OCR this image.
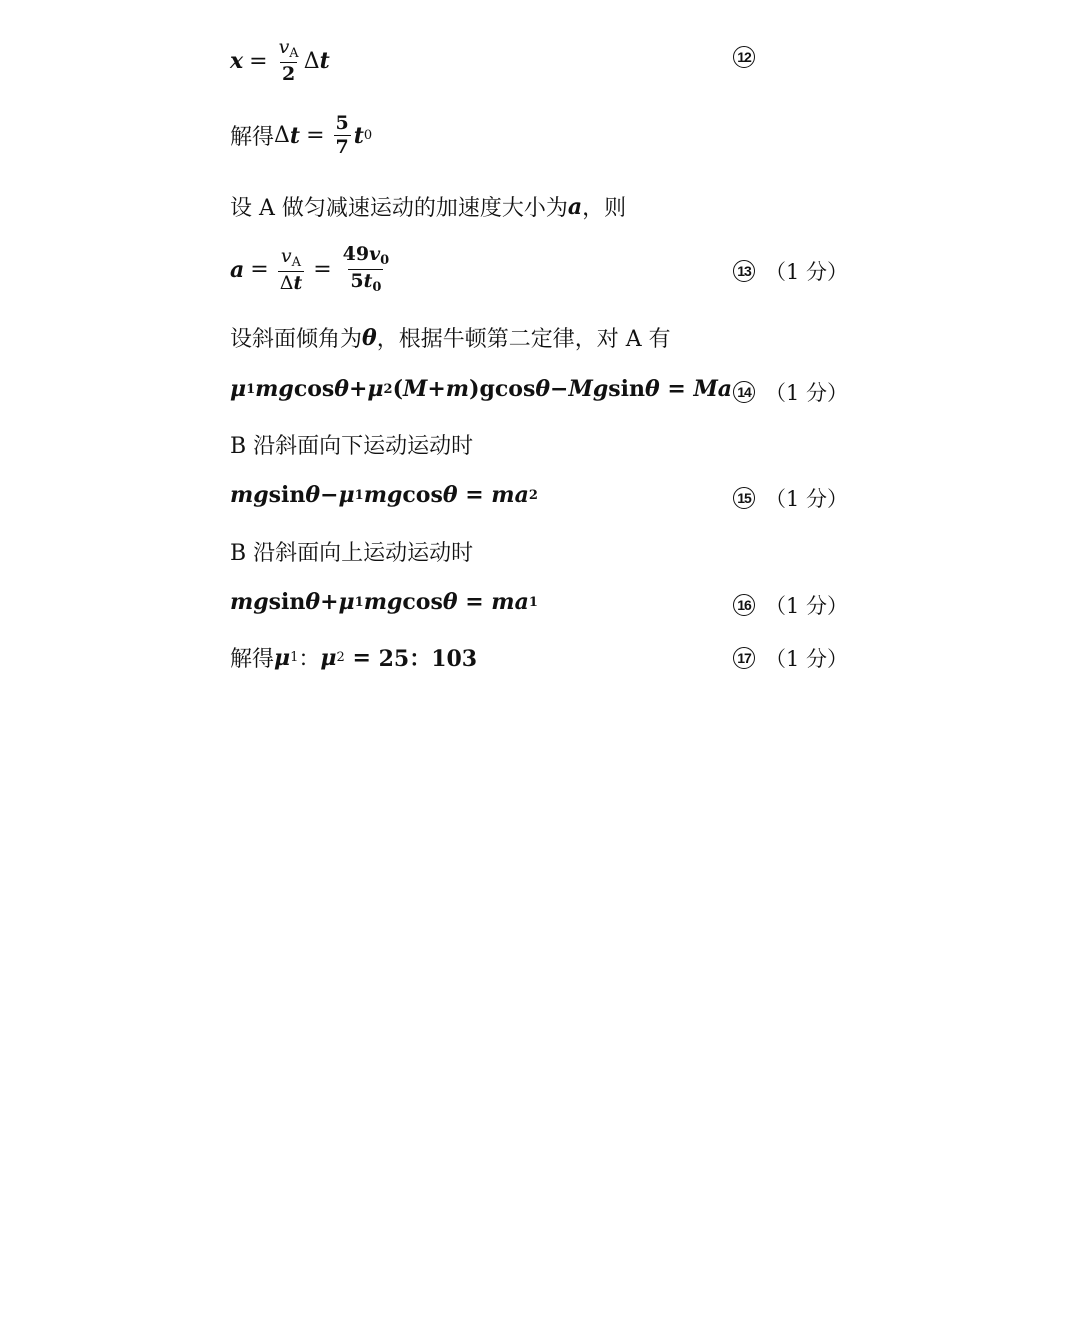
$x = \frac{v_A}{2}$ Δ t	12
解得 Δ $t = \frac{5}{7}$ t 0
设 A 做匀减速运动的加速度大小为 a ，则
$a = \frac{v_A}{\Delta t} = \frac{49v_0}{5t_0}$	13 （1 分）
设斜面倾角为 θ ，根据牛顿第二定律，对 A 有
μ 1 mg cos θ + μ 2 ( M + m ) g cos θ − Mg sin θ = Ma 14 （1 分）
B 沿斜面向下运动运动时
mg sin θ − μ 1 mg cos θ = ma 2	15 （1 分）
B 沿斜面向上运动运动时
mg sin θ + μ 1 mg cos θ = ma 1	16 （1 分）
解得 μ 1 ： μ 2 = 25：103	17 （1 分）
